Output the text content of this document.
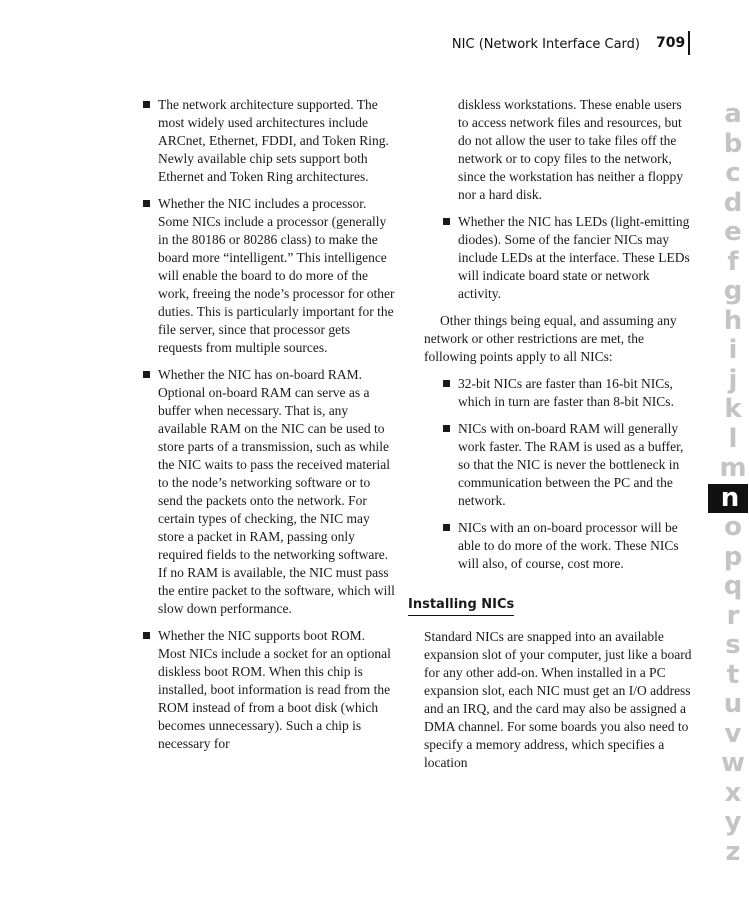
NIC (Network Interface Card) 709
The network architecture supported. The most widely used architectures include ARCnet, Ethernet, FDDI, and Token Ring. Newly available chip sets support both Ethernet and Token Ring architectures.
Whether the NIC includes a processor. Some NICs include a processor (generally in the 80186 or 80286 class) to make the board more “intelligent.” This intelligence will enable the board to do more of the work, freeing the node’s processor for other duties. This is particularly important for the file server, since that processor gets requests from multiple sources.
Whether the NIC has on-board RAM. Optional on-board RAM can serve as a buffer when necessary. That is, any available RAM on the NIC can be used to store parts of a transmission, such as while the NIC waits to pass the received material to the node’s networking software or to send the packets onto the network. For certain types of checking, the NIC may store a packet in RAM, passing only required fields to the networking software. If no RAM is available, the NIC must pass the entire packet to the software, which will slow down performance.
Whether the NIC supports boot ROM. Most NICs include a socket for an optional diskless boot ROM. When this chip is installed, boot information is read from the ROM instead of from a boot disk (which becomes unnecessary). Such a chip is necessary for
diskless workstations. These enable users to access network files and resources, but do not allow the user to take files off the network or to copy files to the network, since the workstation has neither a floppy nor a hard disk.
Whether the NIC has LEDs (light-emitting diodes). Some of the fancier NICs may include LEDs at the interface. These LEDs will indicate board state or network activity.

Other things being equal, and assuming any network or other restrictions are met, the following points apply to all NICs:

32-bit NICs are faster than 16-bit NICs, which in turn are faster than 8-bit NICs.
NICs with on-board RAM will generally work faster. The RAM is used as a buffer, so that the NIC is never the bottleneck in communication between the PC and the network.
NICs with an on-board processor will be able to do more of the work. These NICs will also, of course, cost more.
Installing NICs

Standard NICs are snapped into an available expansion slot of your computer, just like a board for any other add-on. When installed in a PC expansion slot, each NIC must get an I/O address and an IRQ, and the card may also be assigned a DMA channel. For some boards you also need to specify a memory address, which specifies a location

a
b
c
d
e
f
g
h
i
j
k
l
m
n
o
p
q
r
s
t
u
v
w
x
y
z
